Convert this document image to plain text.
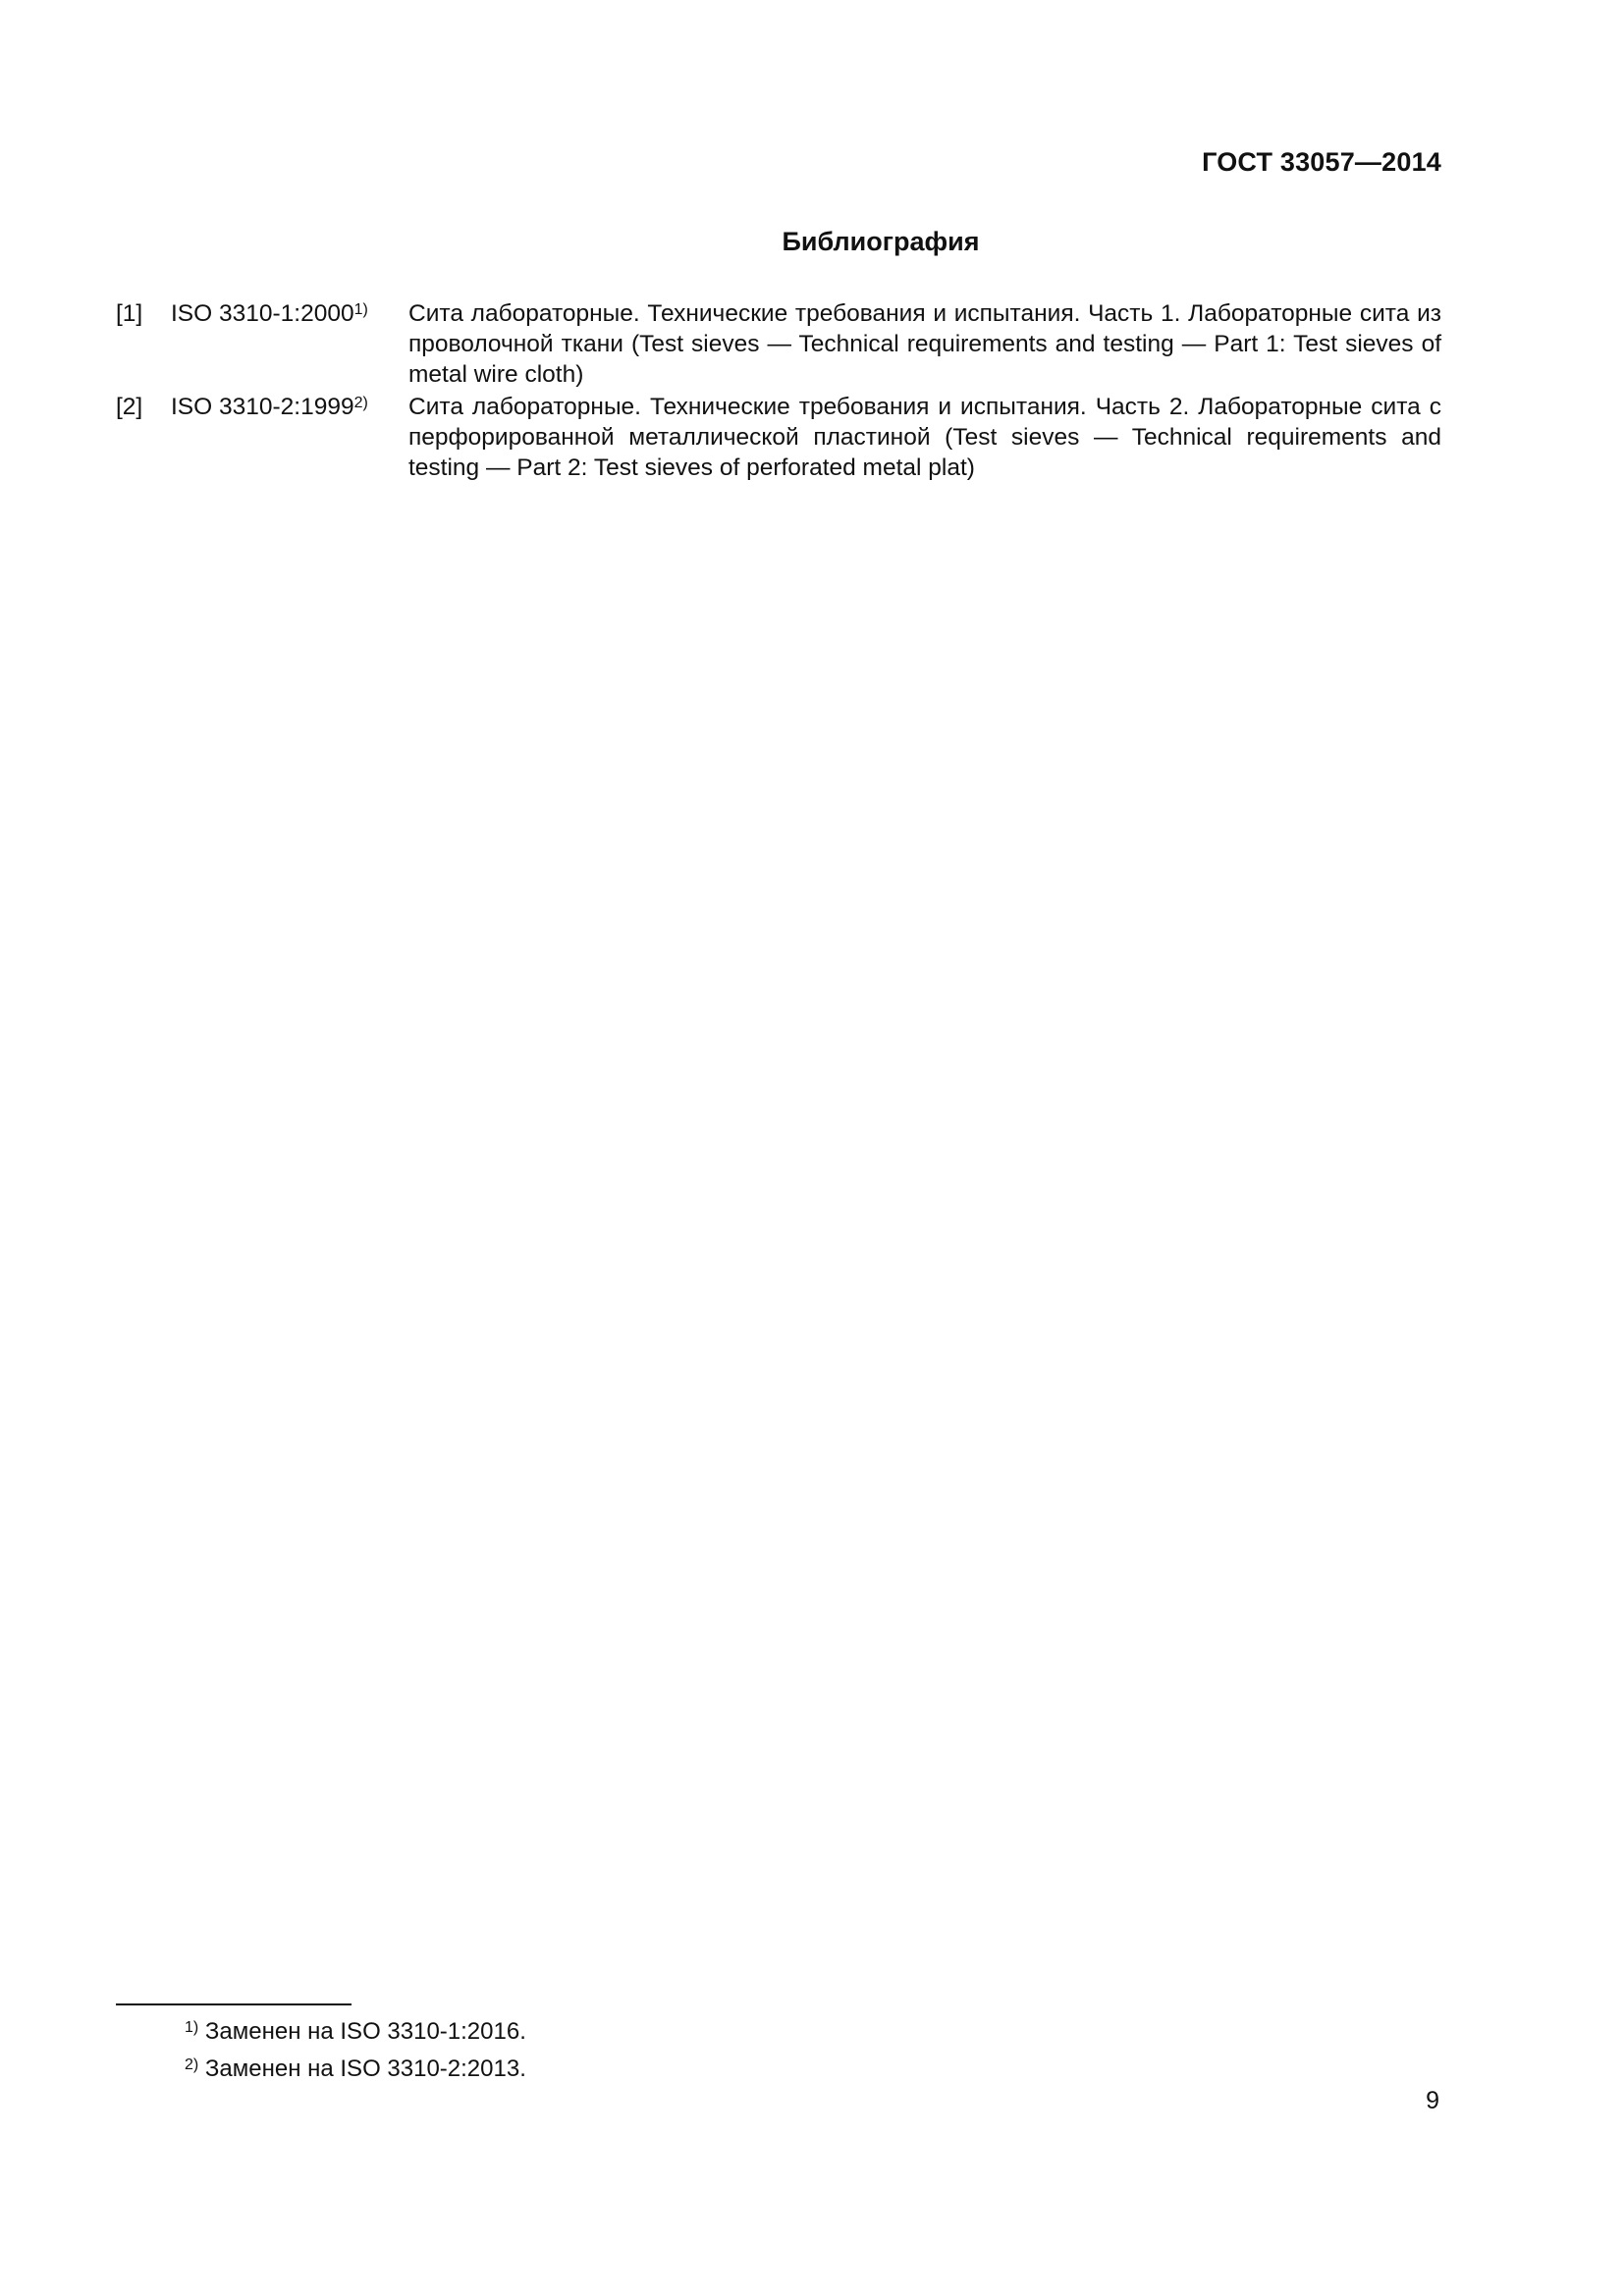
ГОСТ 33057—2014
Библиография
[1]	ISO 3310-1:2000$^{1)}$	Сита лабораторные. Технические требования и испытания. Часть 1. Лабораторные сита из проволочной ткани (Test sieves — Technical requirements and testing — Part 1: Test sieves of metal wire cloth)
[2]	ISO 3310-2:1999$^{2)}$	Сита лабораторные. Технические требования и испытания. Часть 2. Лабораторные сита с перфорированной металлической пластиной (Test sieves — Technical requirements and testing — Part 2: Test sieves of perforated metal plat)
$^{1)}$ Заменен на ISO 3310-1:2016.
$^{2)}$ Заменен на ISO 3310-2:2013.
9
